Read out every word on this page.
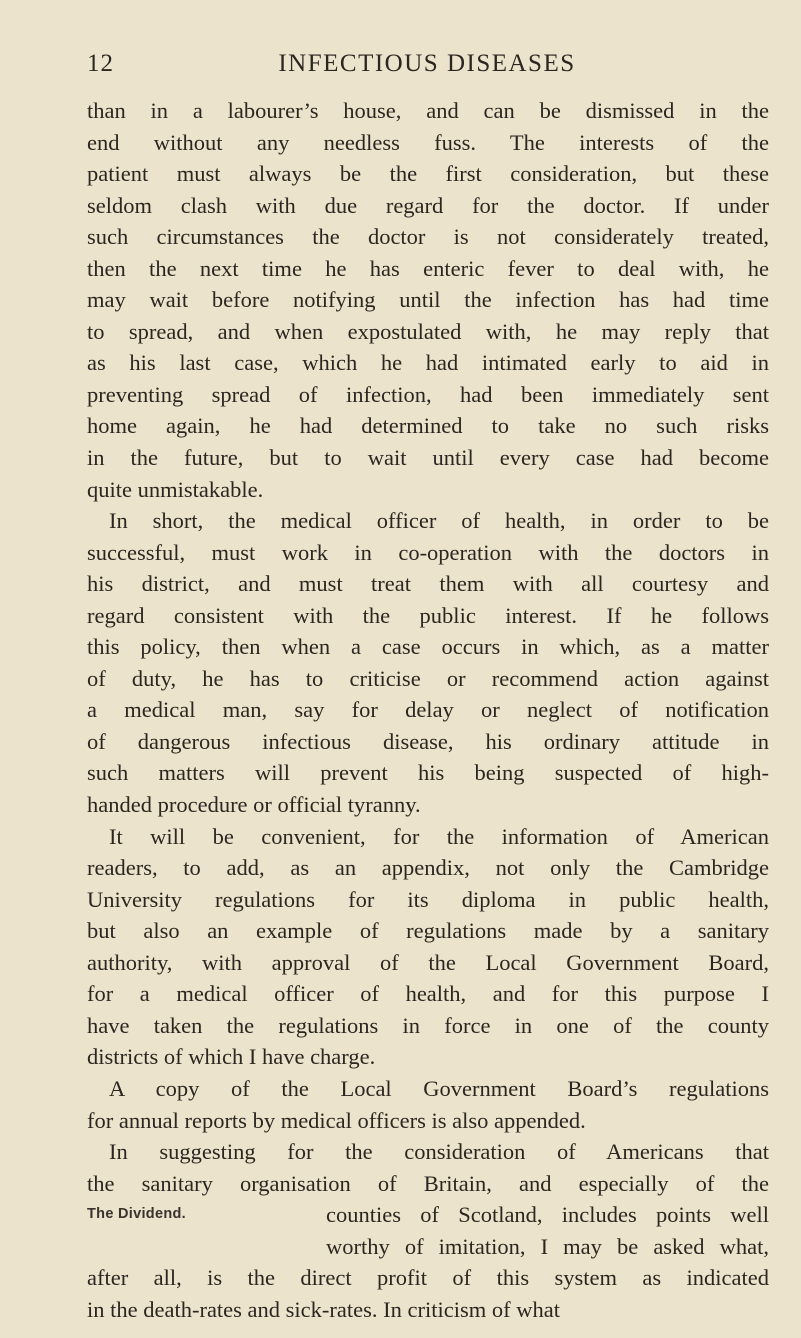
12	INFECTIOUS DISEASES
than in a labourer’s house, and can be dismissed in the
end without any needless fuss. The interests of the
patient must always be the first consideration, but these
seldom clash with due regard for the doctor. If under
such circumstances the doctor is not considerately treated,
then the next time he has enteric fever to deal with, he
may wait before notifying until the infection has had time
to spread, and when expostulated with, he may reply that
as his last case, which he had intimated early to aid in
preventing spread of infection, had been immediately sent
home again, he had determined to take no such risks
in the future, but to wait until every case had become
quite unmistakable.
In short, the medical officer of health, in order to be
successful, must work in co-operation with the doctors in
his district, and must treat them with all courtesy and
regard consistent with the public interest. If he follows
this policy, then when a case occurs in which, as a matter
of duty, he has to criticise or recommend action against
a medical man, say for delay or neglect of notification
of dangerous infectious disease, his ordinary attitude in
such matters will prevent his being suspected of high-
handed procedure or official tyranny.
It will be convenient, for the information of American
readers, to add, as an appendix, not only the Cambridge
University regulations for its diploma in public health,
but also an example of regulations made by a sanitary
authority, with approval of the Local Government Board,
for a medical officer of health, and for this purpose I
have taken the regulations in force in one of the county
districts of which I have charge.
A copy of the Local Government Board’s regulations
for annual reports by medical officers is also appended.
In suggesting for the consideration of Americans that
the sanitary organisation of Britain, and especially of the
The Dividend.	counties of Scotland, includes points well
worthy of imitation, I may be asked what,
after all, is the direct profit of this system as indicated
in the death-rates and sick-rates. In criticism of what
